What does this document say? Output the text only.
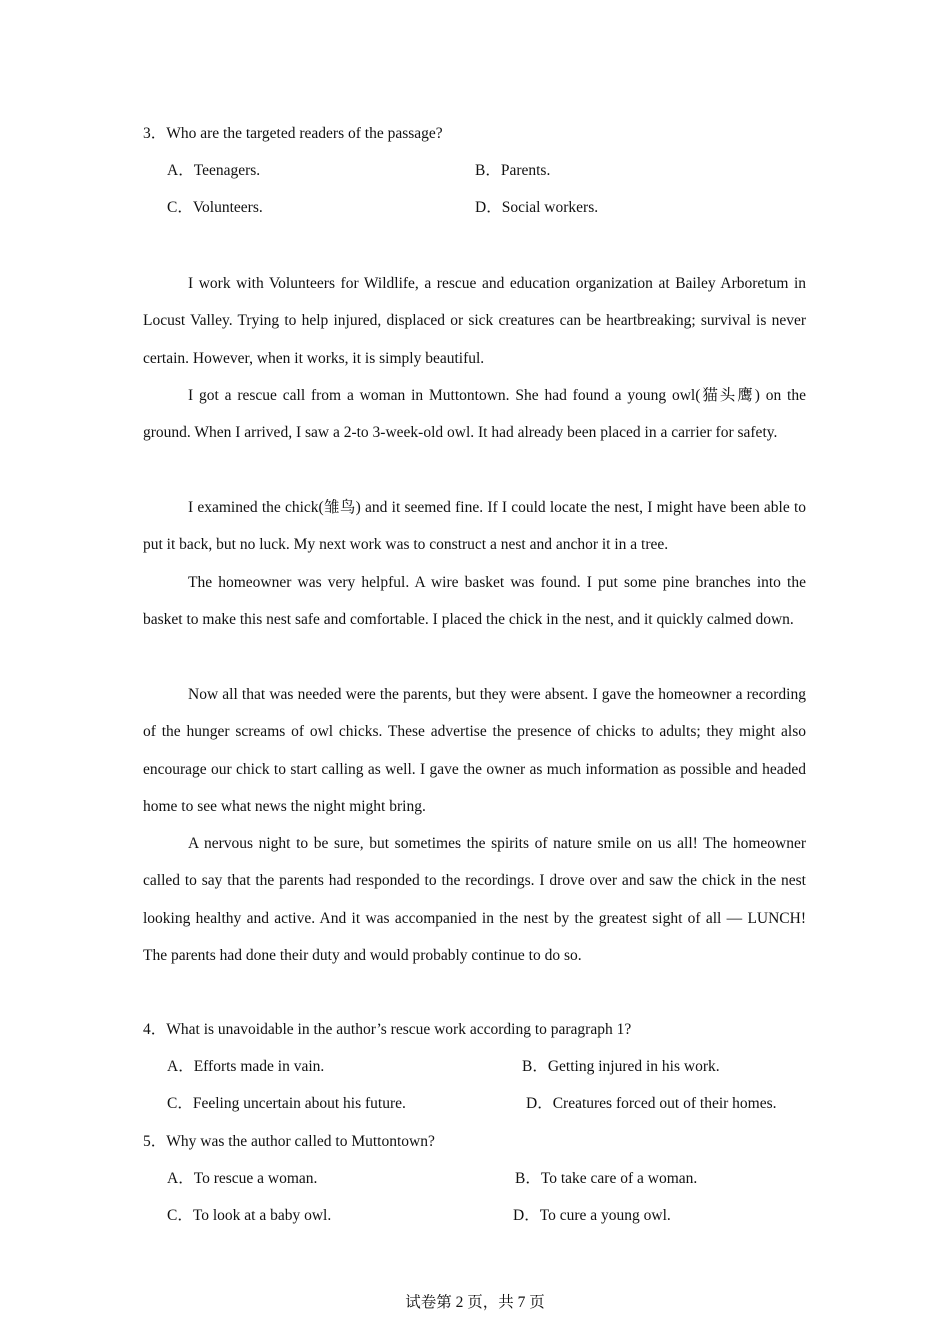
3．Who are the targeted readers of the passage?
A．Teenagers.	B．Parents.
C．Volunteers.	D．Social workers.

I work with Volunteers for Wildlife, a rescue and education organization at Bailey Arboretum in Locust Valley. Trying to help injured, displaced or sick creatures can be heartbreaking; survival is never certain. However, when it works, it is simply beautiful.

I got a rescue call from a woman in Muttontown. She had found a young owl(猫头鹰) on the ground. When I arrived, I saw a 2-to 3-week-old owl. It had already been placed in a carrier for safety.

I examined the chick(雏鸟) and it seemed fine. If I could locate the nest, I might have been able to put it back, but no luck. My next work was to construct a nest and anchor it in a tree.

The homeowner was very helpful. A wire basket was found. I put some pine branches into the basket to make this nest safe and comfortable. I placed the chick in the nest, and it quickly calmed down.

Now all that was needed were the parents, but they were absent. I gave the homeowner a recording of the hunger screams of owl chicks. These advertise the presence of chicks to adults; they might also encourage our chick to start calling as well. I gave the owner as much information as possible and headed home to see what news the night might bring.

A nervous night to be sure, but sometimes the spirits of nature smile on us all! The homeowner called to say that the parents had responded to the recordings. I drove over and saw the chick in the nest looking healthy and active. And it was accompanied in the nest by the greatest sight of all — LUNCH! The parents had done their duty and would probably continue to do so.

4．What is unavoidable in the author’s rescue work according to paragraph 1?
A．Efforts made in vain.	B．Getting injured in his work.
C．Feeling uncertain about his future.	D．Creatures forced out of their homes.
5．Why was the author called to Muttontown?
A．To rescue a woman.	B．To take care of a woman.
C．To look at a baby owl.	D．To cure a young owl.
试卷第 2 页，共 7 页
